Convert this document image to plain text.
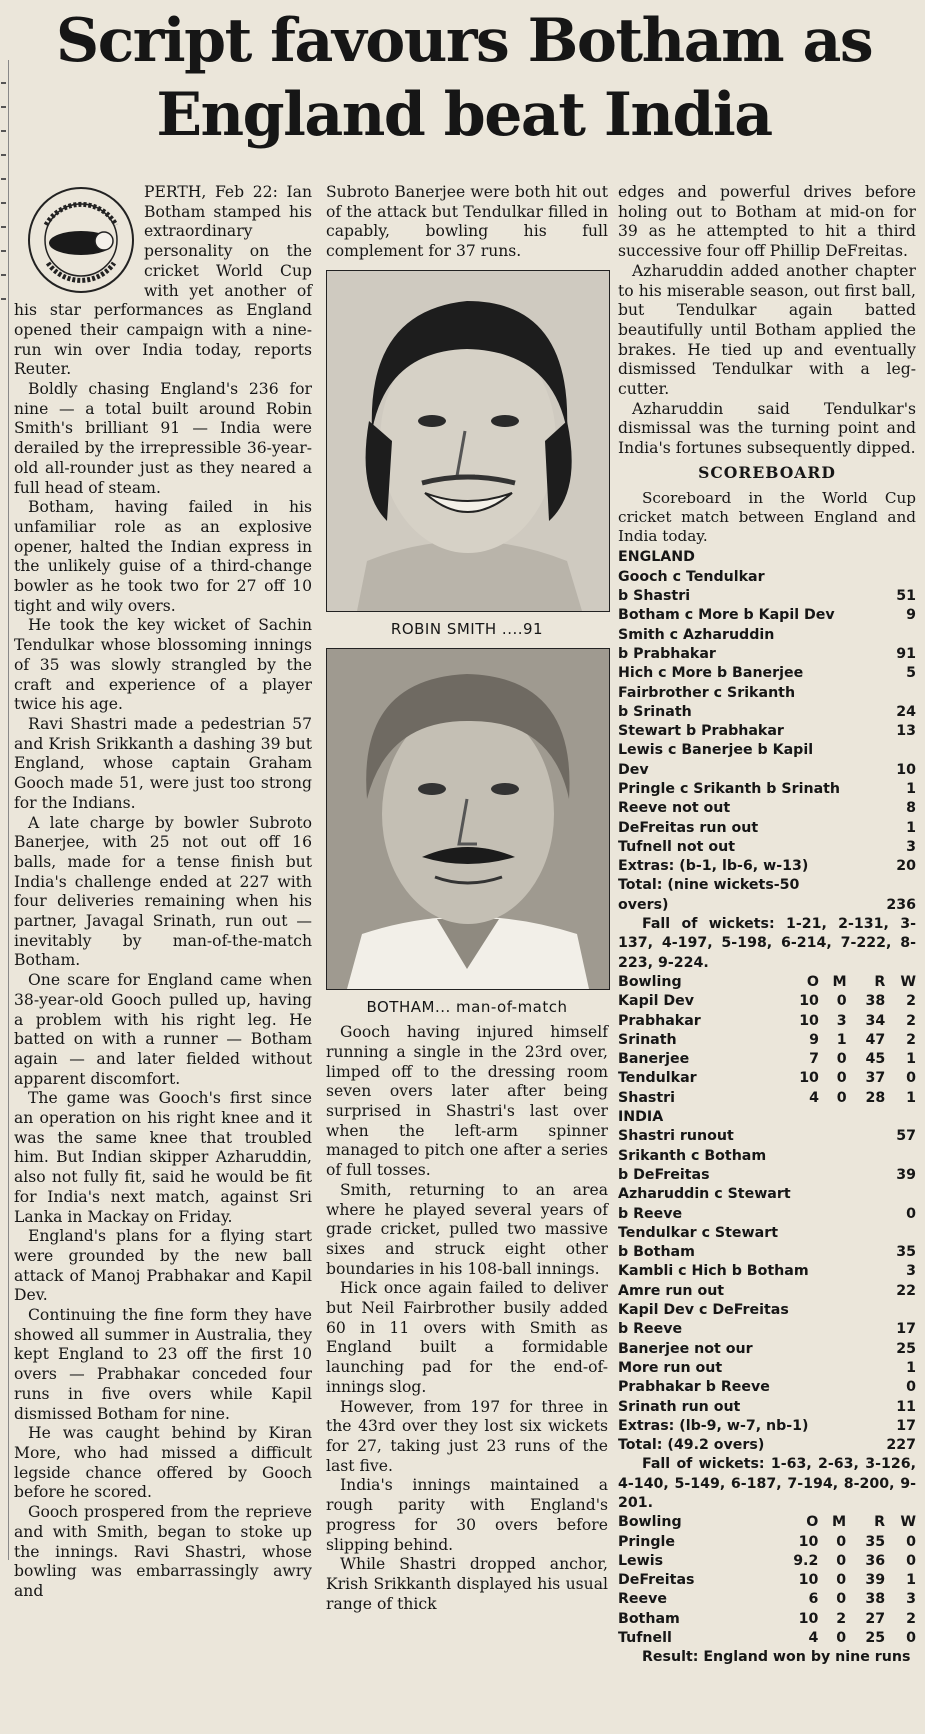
Script favours Botham as
England beat India

PERTH, Feb 22: Ian Botham stamped his extraordinary personality on the cricket World Cup with yet another of his star performances as England opened their campaign with a nine-run win over India today, reports Reuter.

Boldly chasing England's 236 for nine — a total built around Robin Smith's brilliant 91 — India were derailed by the irrepressible 36-year-old all-rounder just as they neared a full head of steam.

Botham, having failed in his unfamiliar role as an explosive opener, halted the Indian express in the unlikely guise of a third-change bowler as he took two for 27 off 10 tight and wily overs.

He took the key wicket of Sachin Tendulkar whose blossoming innings of 35 was slowly strangled by the craft and experience of a player twice his age.

Ravi Shastri made a pedestrian 57 and Krish Srikkanth a dashing 39 but England, whose captain Graham Gooch made 51, were just too strong for the Indians.

A late charge by bowler Subroto Banerjee, with 25 not out off 16 balls, made for a tense finish but India's challenge ended at 227 with four deliveries remaining when his partner, Javagal Srinath, run out — inevitably by man-of-the-match Botham.

One scare for England came when 38-year-old Gooch pulled up, having a problem with his right leg. He batted on with a runner — Botham again — and later fielded without apparent discomfort.

The game was Gooch's first since an operation on his right knee and it was the same knee that troubled him. But Indian skipper Azharuddin, also not fully fit, said he would be fit for India's next match, against Sri Lanka in Mackay on Friday.

England's plans for a flying start were grounded by the new ball attack of Manoj Prabhakar and Kapil Dev.

Continuing the fine form they have showed all summer in Australia, they kept England to 23 off the first 10 overs — Prabhakar conceded four runs in five overs while Kapil dismissed Botham for nine.

He was caught behind by Kiran More, who had missed a difficult legside chance offered by Gooch before he scored.

Gooch prospered from the reprieve and with Smith, began to stoke up the innings. Ravi Shastri, whose bowling was embarrassingly awry and

Subroto Banerjee were both hit out of the attack but Tendulkar filled in capably, bowling his full complement for 37 runs.

ROBIN SMITH ....91
BOTHAM... man-of-match

Gooch having injured himself running a single in the 23rd over, limped off to the dressing room seven overs later after being surprised in Shastri's last over when the left-arm spinner managed to pitch one after a series of full tosses.

Smith, returning to an area where he played several years of grade cricket, pulled two massive sixes and struck eight other boundaries in his 108-ball innings.

Hick once again failed to deliver but Neil Fairbrother busily added 60 in 11 overs with Smith as England built a formidable launching pad for the end-of-innings slog.

However, from 197 for three in the 43rd over they lost six wickets for 27, taking just 23 runs of the last five.

India's innings maintained a rough parity with England's progress for 30 overs before slipping behind.

While Shastri dropped anchor, Krish Srikkanth displayed his usual range of thick

edges and powerful drives before holing out to Botham at mid-on for 39 as he attempted to hit a third successive four off Phillip DeFreitas.

Azharuddin added another chapter to his miserable season, out first ball, but Tendulkar again batted beautifully until Botham applied the brakes. He tied up and eventually dismissed Tendulkar with a leg-cutter.

Azharuddin said Tendulkar's dismissal was the turning point and India's fortunes subsequently dipped.

SCOREBOARD

Scoreboard in the World Cup cricket match between England and India today.

ENGLAND
Gooch c Tendulkar
b Shastri	51
Botham c More b Kapil Dev	9
Smith c Azharuddin
b Prabhakar	91
Hich c More b Banerjee	5
Fairbrother c Srikanth
b Srinath	24
Stewart b Prabhakar	13
Lewis c Banerjee b Kapil
Dev	10
Pringle c Srikanth b Srinath	1
Reeve not out	8
DeFreitas run out	1
Tufnell not out	3
Extras: (b-1, lb-6, w-13)	20
Total: (nine wickets-50
overs)	236
Fall of wickets: 1-21, 2-131, 3-137, 4-197, 5-198, 6-214, 7-222, 8-223, 9-224.
Bowling	O	M	R	W
Kapil Dev	10	0	38	2
Prabhakar	10	3	34	2
Srinath	9	1	47	2
Banerjee	7	0	45	1
Tendulkar	10	0	37	0
Shastri	4	0	28	1
INDIA
Shastri runout	57
Srikanth c Botham
b DeFreitas	39
Azharuddin c Stewart
b Reeve	0
Tendulkar c Stewart
b Botham	35
Kambli c Hich b Botham	3
Amre run out	22
Kapil Dev c DeFreitas
b Reeve	17
Banerjee not our	25
More run out	1
Prabhakar b Reeve	0
Srinath run out	11
Extras: (lb-9, w-7, nb-1)	17
Total: (49.2 overs)	227
Fall of wickets: 1-63, 2-63, 3-126, 4-140, 5-149, 6-187, 7-194, 8-200, 9-201.
Bowling	O	M	R	W
Pringle	10	0	35	0
Lewis	9.2	0	36	0
DeFreitas	10	0	39	1
Reeve	6	0	38	3
Botham	10	2	27	2
Tufnell	4	0	25	0
Result: England won by nine runs
